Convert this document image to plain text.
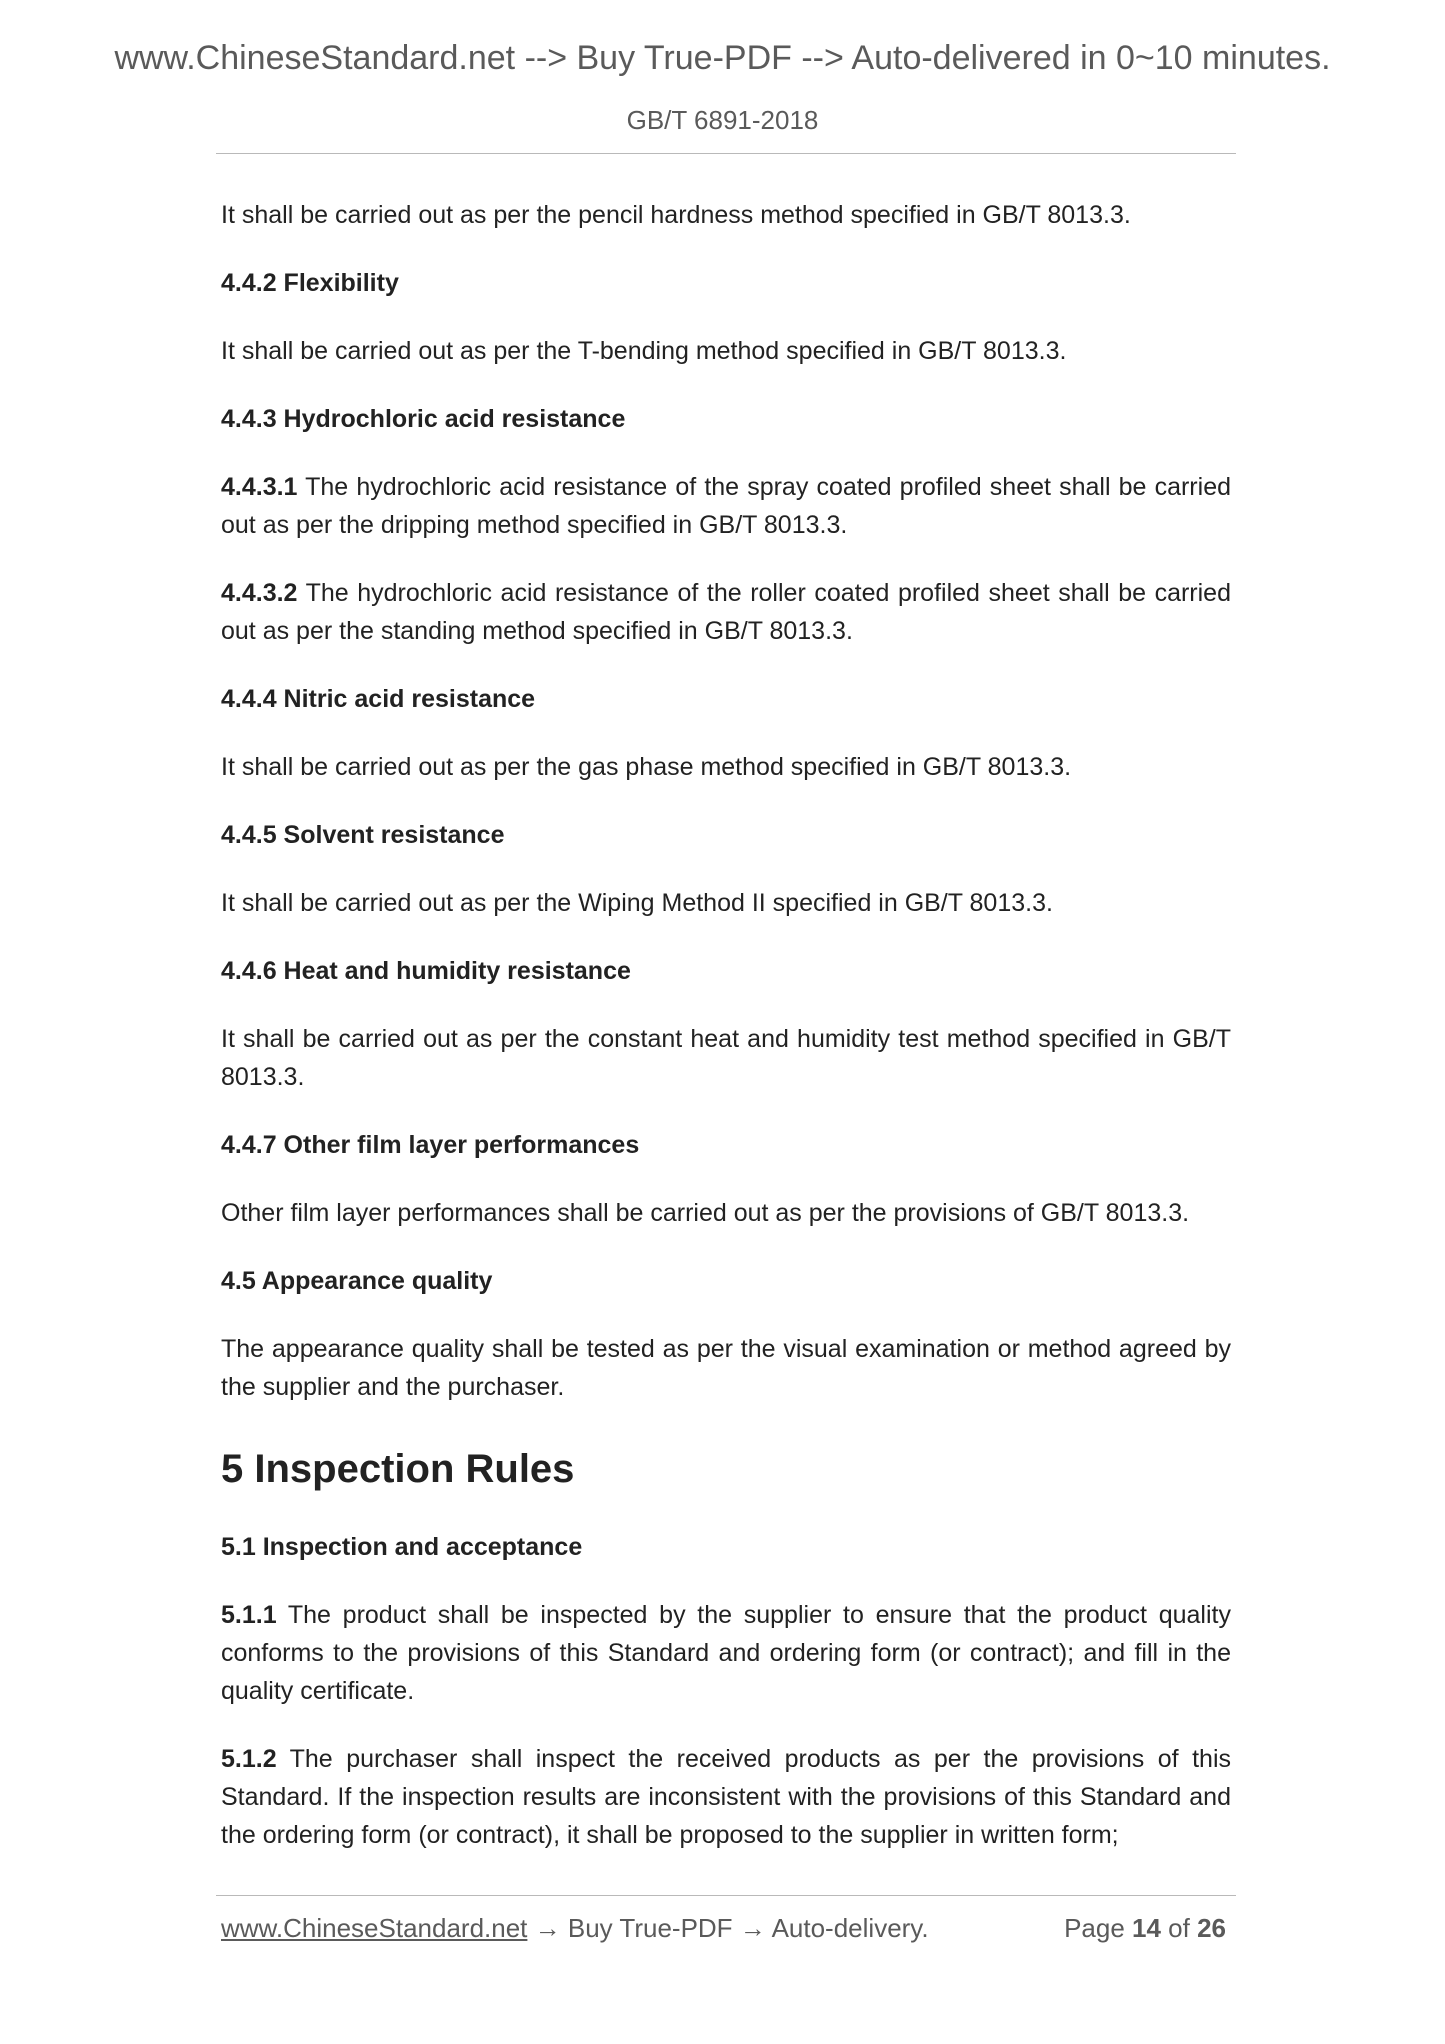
www.ChineseStandard.net --> Buy True-PDF --> Auto-delivered in 0~10 minutes.
GB/T 6891-2018

It shall be carried out as per the pencil hardness method specified in GB/T 8013.3.

4.4.2 Flexibility

It shall be carried out as per the T-bending method specified in GB/T 8013.3.

4.4.3 Hydrochloric acid resistance

4.4.3.1 The hydrochloric acid resistance of the spray coated profiled sheet shall be carried out as per the dripping method specified in GB/T 8013.3.

4.4.3.2 The hydrochloric acid resistance of the roller coated profiled sheet shall be carried out as per the standing method specified in GB/T 8013.3.

4.4.4 Nitric acid resistance

It shall be carried out as per the gas phase method specified in GB/T 8013.3.

4.4.5 Solvent resistance

It shall be carried out as per the Wiping Method II specified in GB/T 8013.3.

4.4.6 Heat and humidity resistance

It shall be carried out as per the constant heat and humidity test method specified in GB/T 8013.3.

4.4.7 Other film layer performances

Other film layer performances shall be carried out as per the provisions of GB/T 8013.3.

4.5 Appearance quality

The appearance quality shall be tested as per the visual examination or method agreed by the supplier and the purchaser.

5 Inspection Rules
5.1 Inspection and acceptance

5.1.1 The product shall be inspected by the supplier to ensure that the product quality conforms to the provisions of this Standard and ordering form (or contract); and fill in the quality certificate.

5.1.2 The purchaser shall inspect the received products as per the provisions of this Standard. If the inspection results are inconsistent with the provisions of this Standard and the ordering form (or contract), it shall be proposed to the supplier in written form;

www.ChineseStandard.net → Buy True-PDF → Auto-delivery.	Page 14 of 26
